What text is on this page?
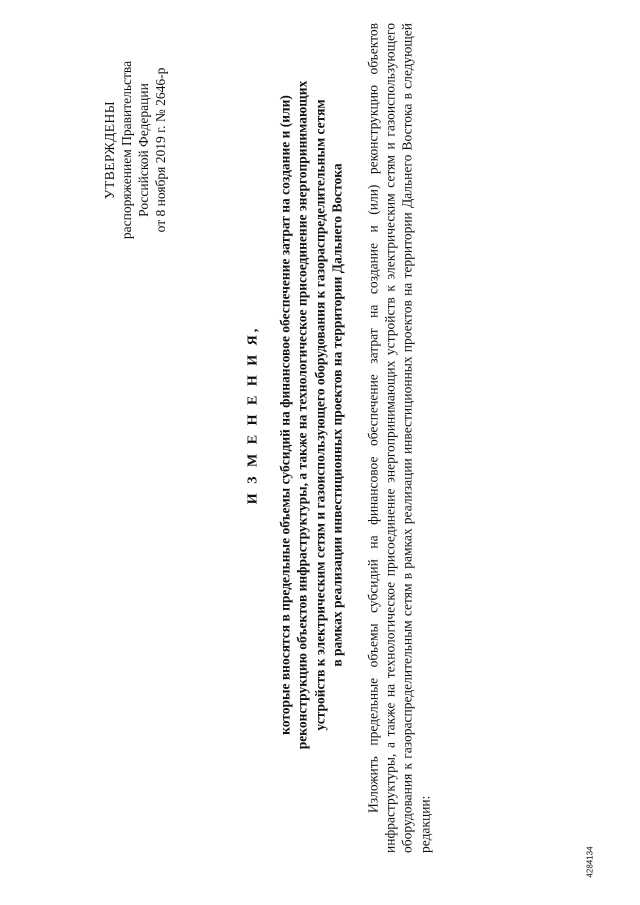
УТВЕРЖДЕНЫ распоряжением Правительства Российской Федерации от 8 ноября 2019 г. № 2646-р
И З М Е Н Е Н И Я, которые вносятся в предельные объемы субсидий на финансовое обеспечение затрат на создание и (или) реконструкцию объектов инфраструктуры, а также на технологическое присоединение энергопринимающих устройств к электрическим сетям и газоиспользующего оборудования к газораспределительным сетям в рамках реализации инвестиционных проектов на территории Дальнего Востока Изложить предельные объемы субсидий на финансовое обеспечение затрат на создание и (или) реконструкцию объектов инфраструктуры, а также на технологическое присоединение энергопринимающих устройств к электрическим сетям и газоиспользующего оборудования к газораспределительным сетям в рамках реализации инвестиционных проектов на территории Дальнего Востока в следующей редакции:
4284134
